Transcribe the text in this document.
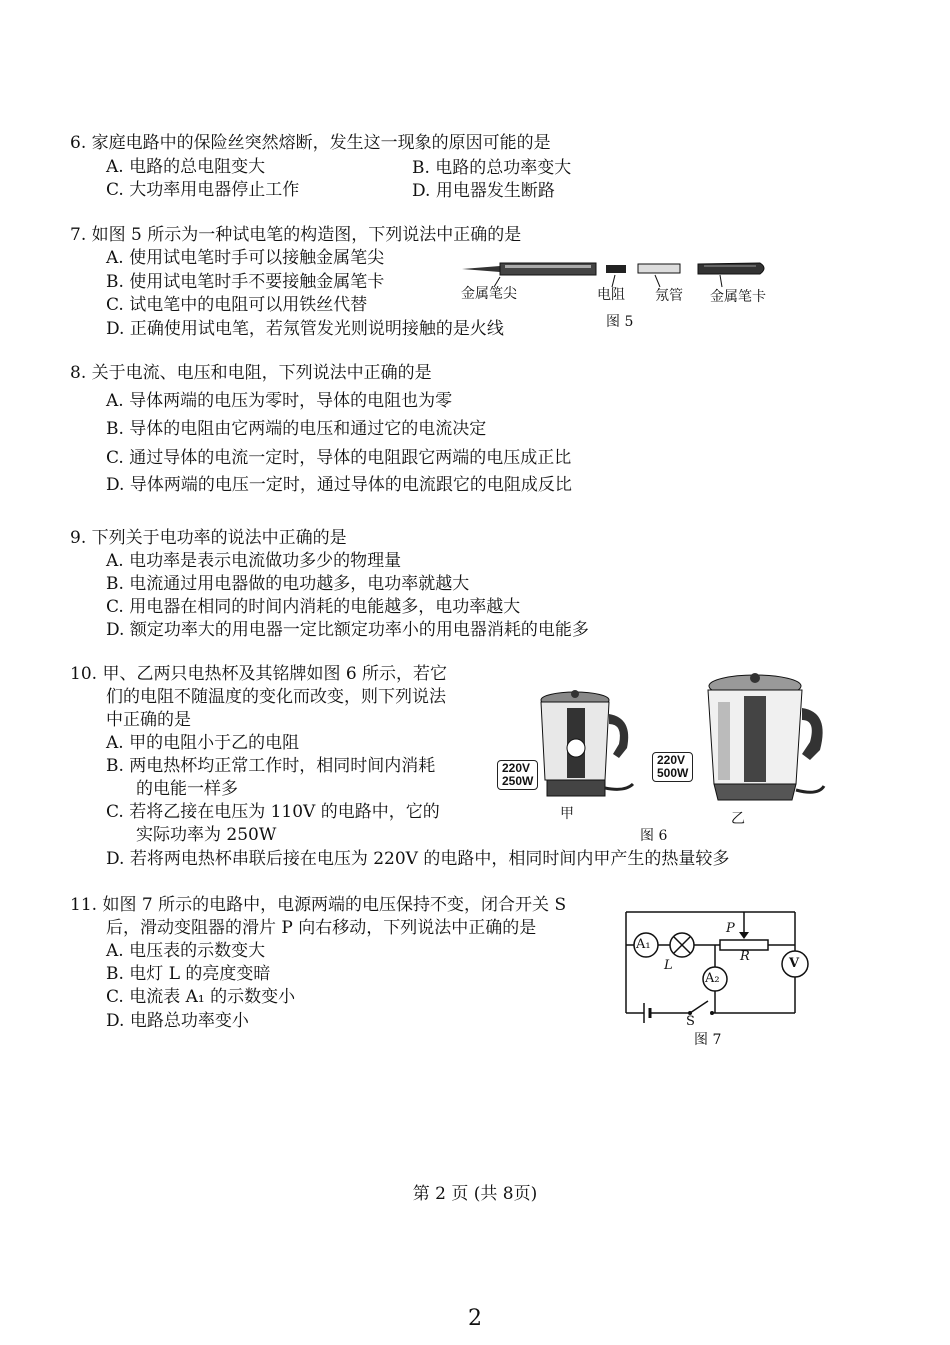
6. 家庭电路中的保险丝突然熔断，发生这一现象的原因可能的是
A. 电路的总电阻变大	B. 电路的总功率变大
C. 大功率用电器停止工作	D. 用电器发生断路
7. 如图 5 所示为一种试电笔的构造图，下列说法中正确的是
A. 使用试电笔时手可以接触金属笔尖
B. 使用试电笔时手不要接触金属笔卡
C. 试电笔中的电阻可以用铁丝代替
D. 正确使用试电笔，若氖管发光则说明接触的是火线
金属笔尖	电阻 氖管 金属笔卡
图 5
8. 关于电流、电压和电阻，下列说法中正确的是
A. 导体两端的电压为零时，导体的电阻也为零
B. 导体的电阻由它两端的电压和通过它的电流决定
C. 通过导体的电流一定时，导体的电阻跟它两端的电压成正比
D. 导体两端的电压一定时，通过导体的电流跟它的电阻成反比
9. 下列关于电功率的说法中正确的是
A. 电功率是表示电流做功多少的物理量
B. 电流通过用电器做的电功越多，电功率就越大
C. 用电器在相同的时间内消耗的电能越多，电功率越大
D. 额定功率大的用电器一定比额定功率小的用电器消耗的电能多
10. 甲、乙两只电热杯及其铭牌如图 6 所示，若它
们的电阻不随温度的变化而改变，则下列说法
中正确的是
A. 甲的电阻小于乙的电阻
B. 两电热杯均正常工作时，相同时间内消耗
的电能一样多
C. 若将乙接在电压为 110V 的电路中，它的
实际功率为 250W
D. 若将两电热杯串联后接在电压为 220V 的电路中，相同时间内甲产生的热量较多
220V
250W
220V
500W
甲	乙
图 6
11. 如图 7 所示的电路中，电源两端的电压保持不变，闭合开关 S
后，滑动变阻器的滑片 P 向右移动，下列说法中正确的是
A. 电压表的示数变大
B. 电灯 L 的亮度变暗
C. 电流表 A₁ 的示数变小
D. 电路总功率变小
A₁
A₂
V
L
P
R
S
图 7
第 2 页 (共 8页)
2
